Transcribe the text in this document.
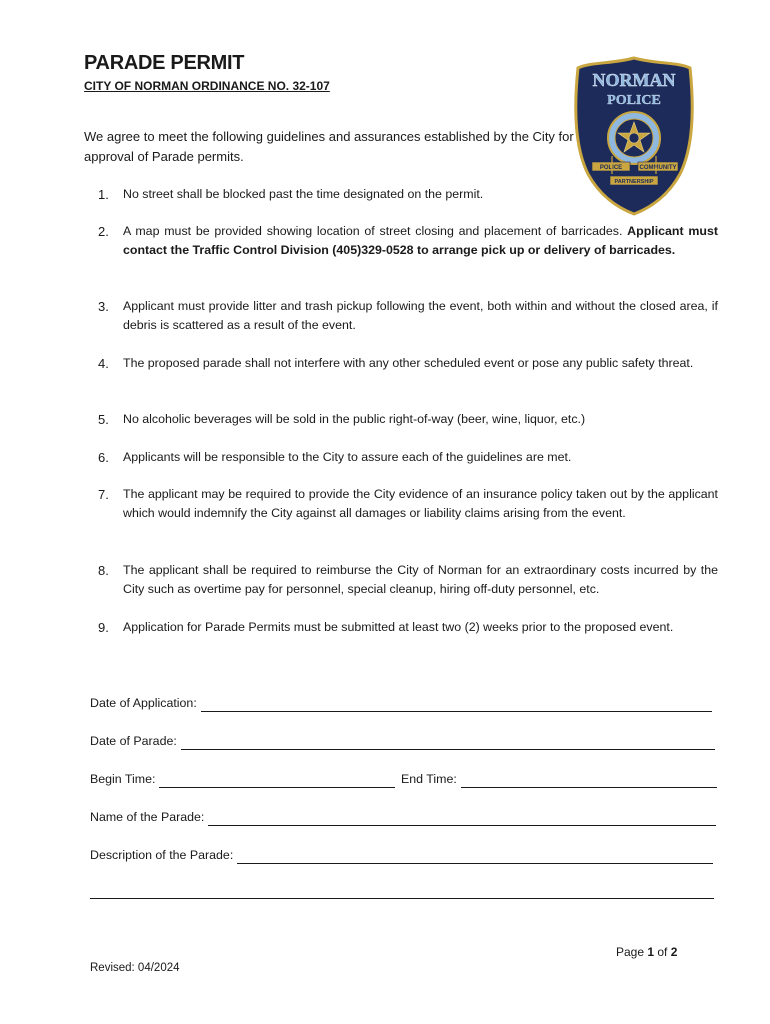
PARADE PERMIT

CITY OF NORMAN ORDINANCE NO. 32-107	NORMAN
POLICE
POLICE	COMMUNITY
PARTNERSHIP

We agree to meet the following guidelines and assurances established by the City for approval of Parade permits.

1.	No street shall be blocked past the time designated on the permit.
2.	A map must be provided showing location of street closing and placement of barricades. Applicant must contact the Traffic Control Division (405)329-0528 to arrange pick up or delivery of barricades.
3.	Applicant must provide litter and trash pickup following the event, both within and without the closed area, if debris is scattered as a result of the event.
4.	The proposed parade shall not interfere with any other scheduled event or pose any public safety threat.
5.	No alcoholic beverages will be sold in the public right-of-way (beer, wine, liquor, etc.)
6.	Applicants will be responsible to the City to assure each of the guidelines are met.
7.	The applicant may be required to provide the City evidence of an insurance policy taken out by the applicant which would indemnify the City against all damages or liability claims arising from the event.
8.	The applicant shall be required to reimburse the City of Norman for an extraordinary costs incurred by the City such as overtime pay for personnel, special cleanup, hiring off-duty personnel, etc.
9.	Application for Parade Permits must be submitted at least two (2) weeks prior to the proposed event.
Date of Application:
Date of Parade:
Begin Time:	End Time:
Name of the Parade:
Description of the Parade:
Page 1 of 2
Revised: 04/2024
